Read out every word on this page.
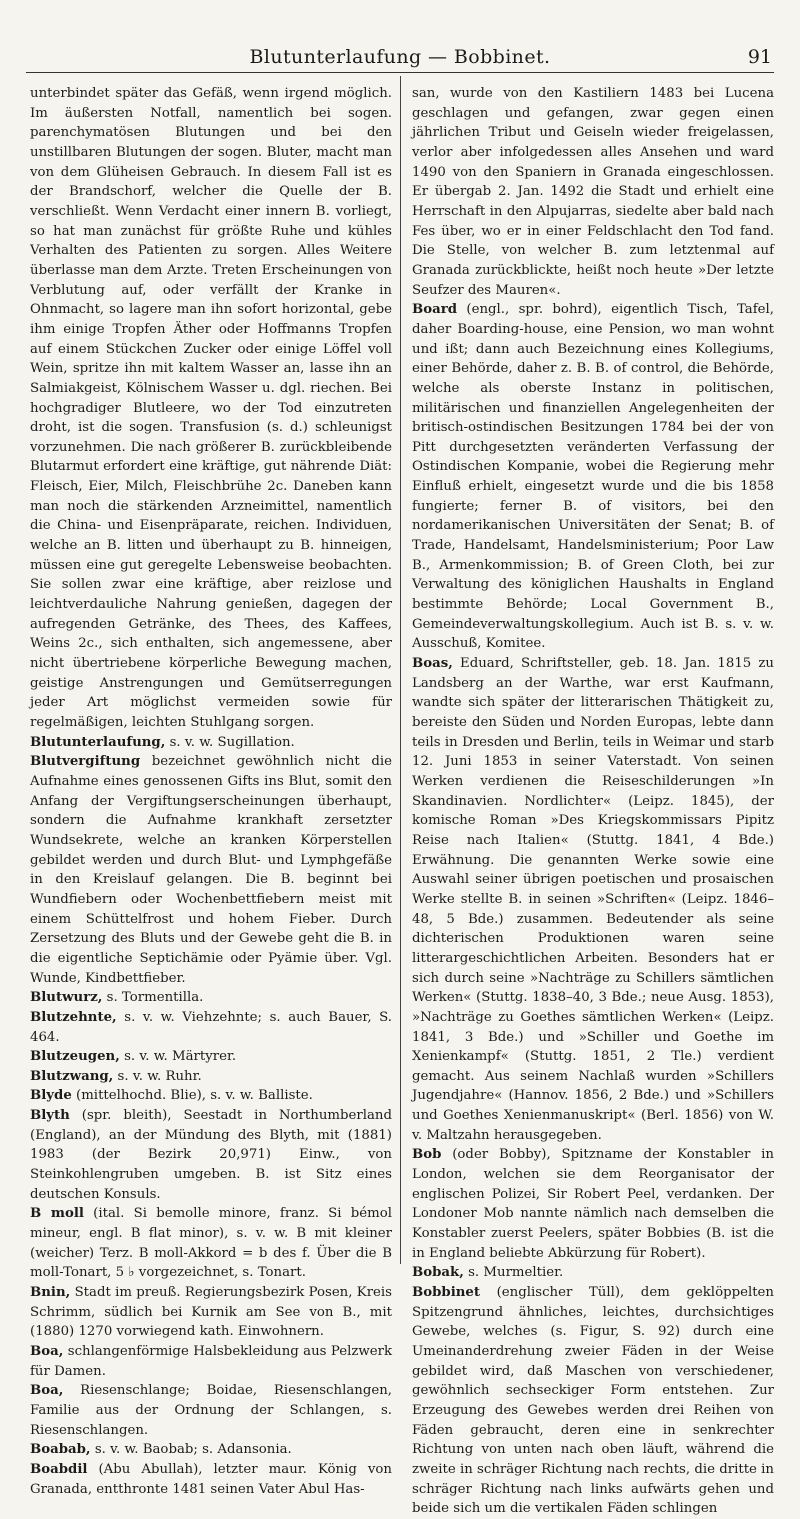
Blutunterlaufung — Bobbinet.	91

unterbindet später das Gefäß, wenn irgend möglich. Im äußersten Notfall, namentlich bei sogen. parenchymatösen Blutungen und bei den unstillbaren Blutungen der sogen. Bluter, macht man von dem Glüheisen Gebrauch. In diesem Fall ist es der Brandschorf, welcher die Quelle der B. verschließt. Wenn Verdacht einer innern B. vorliegt, so hat man zunächst für größte Ruhe und kühles Verhalten des Patienten zu sorgen. Alles Weitere überlasse man dem Arzte. Treten Erscheinungen von Verblutung auf, oder verfällt der Kranke in Ohnmacht, so lagere man ihn sofort horizontal, gebe ihm einige Tropfen Äther oder Hoffmanns Tropfen auf einem Stückchen Zucker oder einige Löffel voll Wein, spritze ihn mit kaltem Wasser an, lasse ihn an Salmiakgeist, Kölnischem Wasser u. dgl. riechen. Bei hochgradiger Blutleere, wo der Tod einzutreten droht, ist die sogen. Transfusion (s. d.) schleunigst vorzunehmen. Die nach größerer B. zurückbleibende Blutarmut erfordert eine kräftige, gut nährende Diät: Fleisch, Eier, Milch, Fleischbrühe 2c. Daneben kann man noch die stärkenden Arzneimittel, namentlich die China- und Eisenpräparate, reichen. Individuen, welche an B. litten und überhaupt zu B. hinneigen, müssen eine gut geregelte Lebensweise beobachten. Sie sollen zwar eine kräftige, aber reizlose und leichtverdauliche Nahrung genießen, dagegen der aufregenden Getränke, des Thees, des Kaffees, Weins 2c., sich enthalten, sich angemessene, aber nicht übertriebene körperliche Bewegung machen, geistige Anstrengungen und Gemütserregungen jeder Art möglichst vermeiden sowie für regelmäßigen, leichten Stuhlgang sorgen.

Blutunterlaufung, s. v. w. Sugillation.

Blutvergiftung bezeichnet gewöhnlich nicht die Aufnahme eines genossenen Gifts ins Blut, somit den Anfang der Vergiftungserscheinungen überhaupt, sondern die Aufnahme krankhaft zersetzter Wundsekrete, welche an kranken Körperstellen gebildet werden und durch Blut- und Lymphgefäße in den Kreislauf gelangen. Die B. beginnt bei Wundfiebern oder Wochenbettfiebern meist mit einem Schüttelfrost und hohem Fieber. Durch Zersetzung des Bluts und der Gewebe geht die B. in die eigentliche Septichämie oder Pyämie über. Vgl. Wunde, Kindbettfieber.

Blutwurz, s. Tormentilla.

Blutzehnte, s. v. w. Viehzehnte; s. auch Bauer, S. 464.

Blutzeugen, s. v. w. Märtyrer.

Blutzwang, s. v. w. Ruhr.

Blyde (mittelhochd. Blie), s. v. w. Balliste.

Blyth (spr. bleith), Seestadt in Northumberland (England), an der Mündung des Blyth, mit (1881) 1983 (der Bezirk 20,971) Einw., von Steinkohlengruben umgeben. B. ist Sitz eines deutschen Konsuls.

B moll (ital. Si bemolle minore, franz. Si bémol mineur, engl. B flat minor), s. v. w. B mit kleiner (weicher) Terz. B moll-Akkord = b des f. Über die B moll-Tonart, 5 ♭ vorgezeichnet, s. Tonart.

Bnin, Stadt im preuß. Regierungsbezirk Posen, Kreis Schrimm, südlich bei Kurnik am See von B., mit (1880) 1270 vorwiegend kath. Einwohnern.

Boa, schlangenförmige Halsbekleidung aus Pelzwerk für Damen.

Boa, Riesenschlange; Boidae, Riesenschlangen, Familie aus der Ordnung der Schlangen, s. Riesenschlangen.

Boabab, s. v. w. Baobab; s. Adansonia.

Boabdil (Abu Abullah), letzter maur. König von Granada, entthronte 1481 seinen Vater Abul Has-

san, wurde von den Kastiliern 1483 bei Lucena geschlagen und gefangen, zwar gegen einen jährlichen Tribut und Geiseln wieder freigelassen, verlor aber infolgedessen alles Ansehen und ward 1490 von den Spaniern in Granada eingeschlossen. Er übergab 2. Jan. 1492 die Stadt und erhielt eine Herrschaft in den Alpujarras, siedelte aber bald nach Fes über, wo er in einer Feldschlacht den Tod fand. Die Stelle, von welcher B. zum letztenmal auf Granada zurückblickte, heißt noch heute »Der letzte Seufzer des Mauren«.

Board (engl., spr. bohrd), eigentlich Tisch, Tafel, daher Boarding-house, eine Pension, wo man wohnt und ißt; dann auch Bezeichnung eines Kollegiums, einer Behörde, daher z. B. B. of control, die Behörde, welche als oberste Instanz in politischen, militärischen und finanziellen Angelegenheiten der britisch-ostindischen Besitzungen 1784 bei der von Pitt durchgesetzten veränderten Verfassung der Ostindischen Kompanie, wobei die Regierung mehr Einfluß erhielt, eingesetzt wurde und die bis 1858 fungierte; ferner B. of visitors, bei den nordamerikanischen Universitäten der Senat; B. of Trade, Handelsamt, Handelsministerium; Poor Law B., Armenkommission; B. of Green Cloth, bei zur Verwaltung des königlichen Haushalts in England bestimmte Behörde; Local Government B., Gemeindeverwaltungskollegium. Auch ist B. s. v. w. Ausschuß, Komitee.

Boas, Eduard, Schriftsteller, geb. 18. Jan. 1815 zu Landsberg an der Warthe, war erst Kaufmann, wandte sich später der litterarischen Thätigkeit zu, bereiste den Süden und Norden Europas, lebte dann teils in Dresden und Berlin, teils in Weimar und starb 12. Juni 1853 in seiner Vaterstadt. Von seinen Werken verdienen die Reiseschilderungen »In Skandinavien. Nordlichter« (Leipz. 1845), der komische Roman »Des Kriegskommissars Pipitz Reise nach Italien« (Stuttg. 1841, 4 Bde.) Erwähnung. Die genannten Werke sowie eine Auswahl seiner übrigen poetischen und prosaischen Werke stellte B. in seinen »Schriften« (Leipz. 1846–48, 5 Bde.) zusammen. Bedeutender als seine dichterischen Produktionen waren seine litterargeschichtlichen Arbeiten. Besonders hat er sich durch seine »Nachträge zu Schillers sämtlichen Werken« (Stuttg. 1838–40, 3 Bde.; neue Ausg. 1853), »Nachträge zu Goethes sämtlichen Werken« (Leipz. 1841, 3 Bde.) und »Schiller und Goethe im Xenienkampf« (Stuttg. 1851, 2 Tle.) verdient gemacht. Aus seinem Nachlaß wurden »Schillers Jugendjahre« (Hannov. 1856, 2 Bde.) und »Schillers und Goethes Xenienmanuskript« (Berl. 1856) von W. v. Maltzahn herausgegeben.

Bob (oder Bobby), Spitzname der Konstabler in London, welchen sie dem Reorganisator der englischen Polizei, Sir Robert Peel, verdanken. Der Londoner Mob nannte nämlich nach demselben die Konstabler zuerst Peelers, später Bobbies (B. ist die in England beliebte Abkürzung für Robert).

Bobak, s. Murmeltier.

Bobbinet (englischer Tüll), dem geklöppelten Spitzengrund ähnliches, leichtes, durchsichtiges Gewebe, welches (s. Figur, S. 92) durch eine Umeinanderdrehung zweier Fäden in der Weise gebildet wird, daß Maschen von verschiedener, gewöhnlich sechseckiger Form entstehen. Zur Erzeugung des Gewebes werden drei Reihen von Fäden gebraucht, deren eine in senkrechter Richtung von unten nach oben läuft, während die zweite in schräger Richtung nach rechts, die dritte in schräger Richtung nach links aufwärts gehen und beide sich um die vertikalen Fäden schlingen
